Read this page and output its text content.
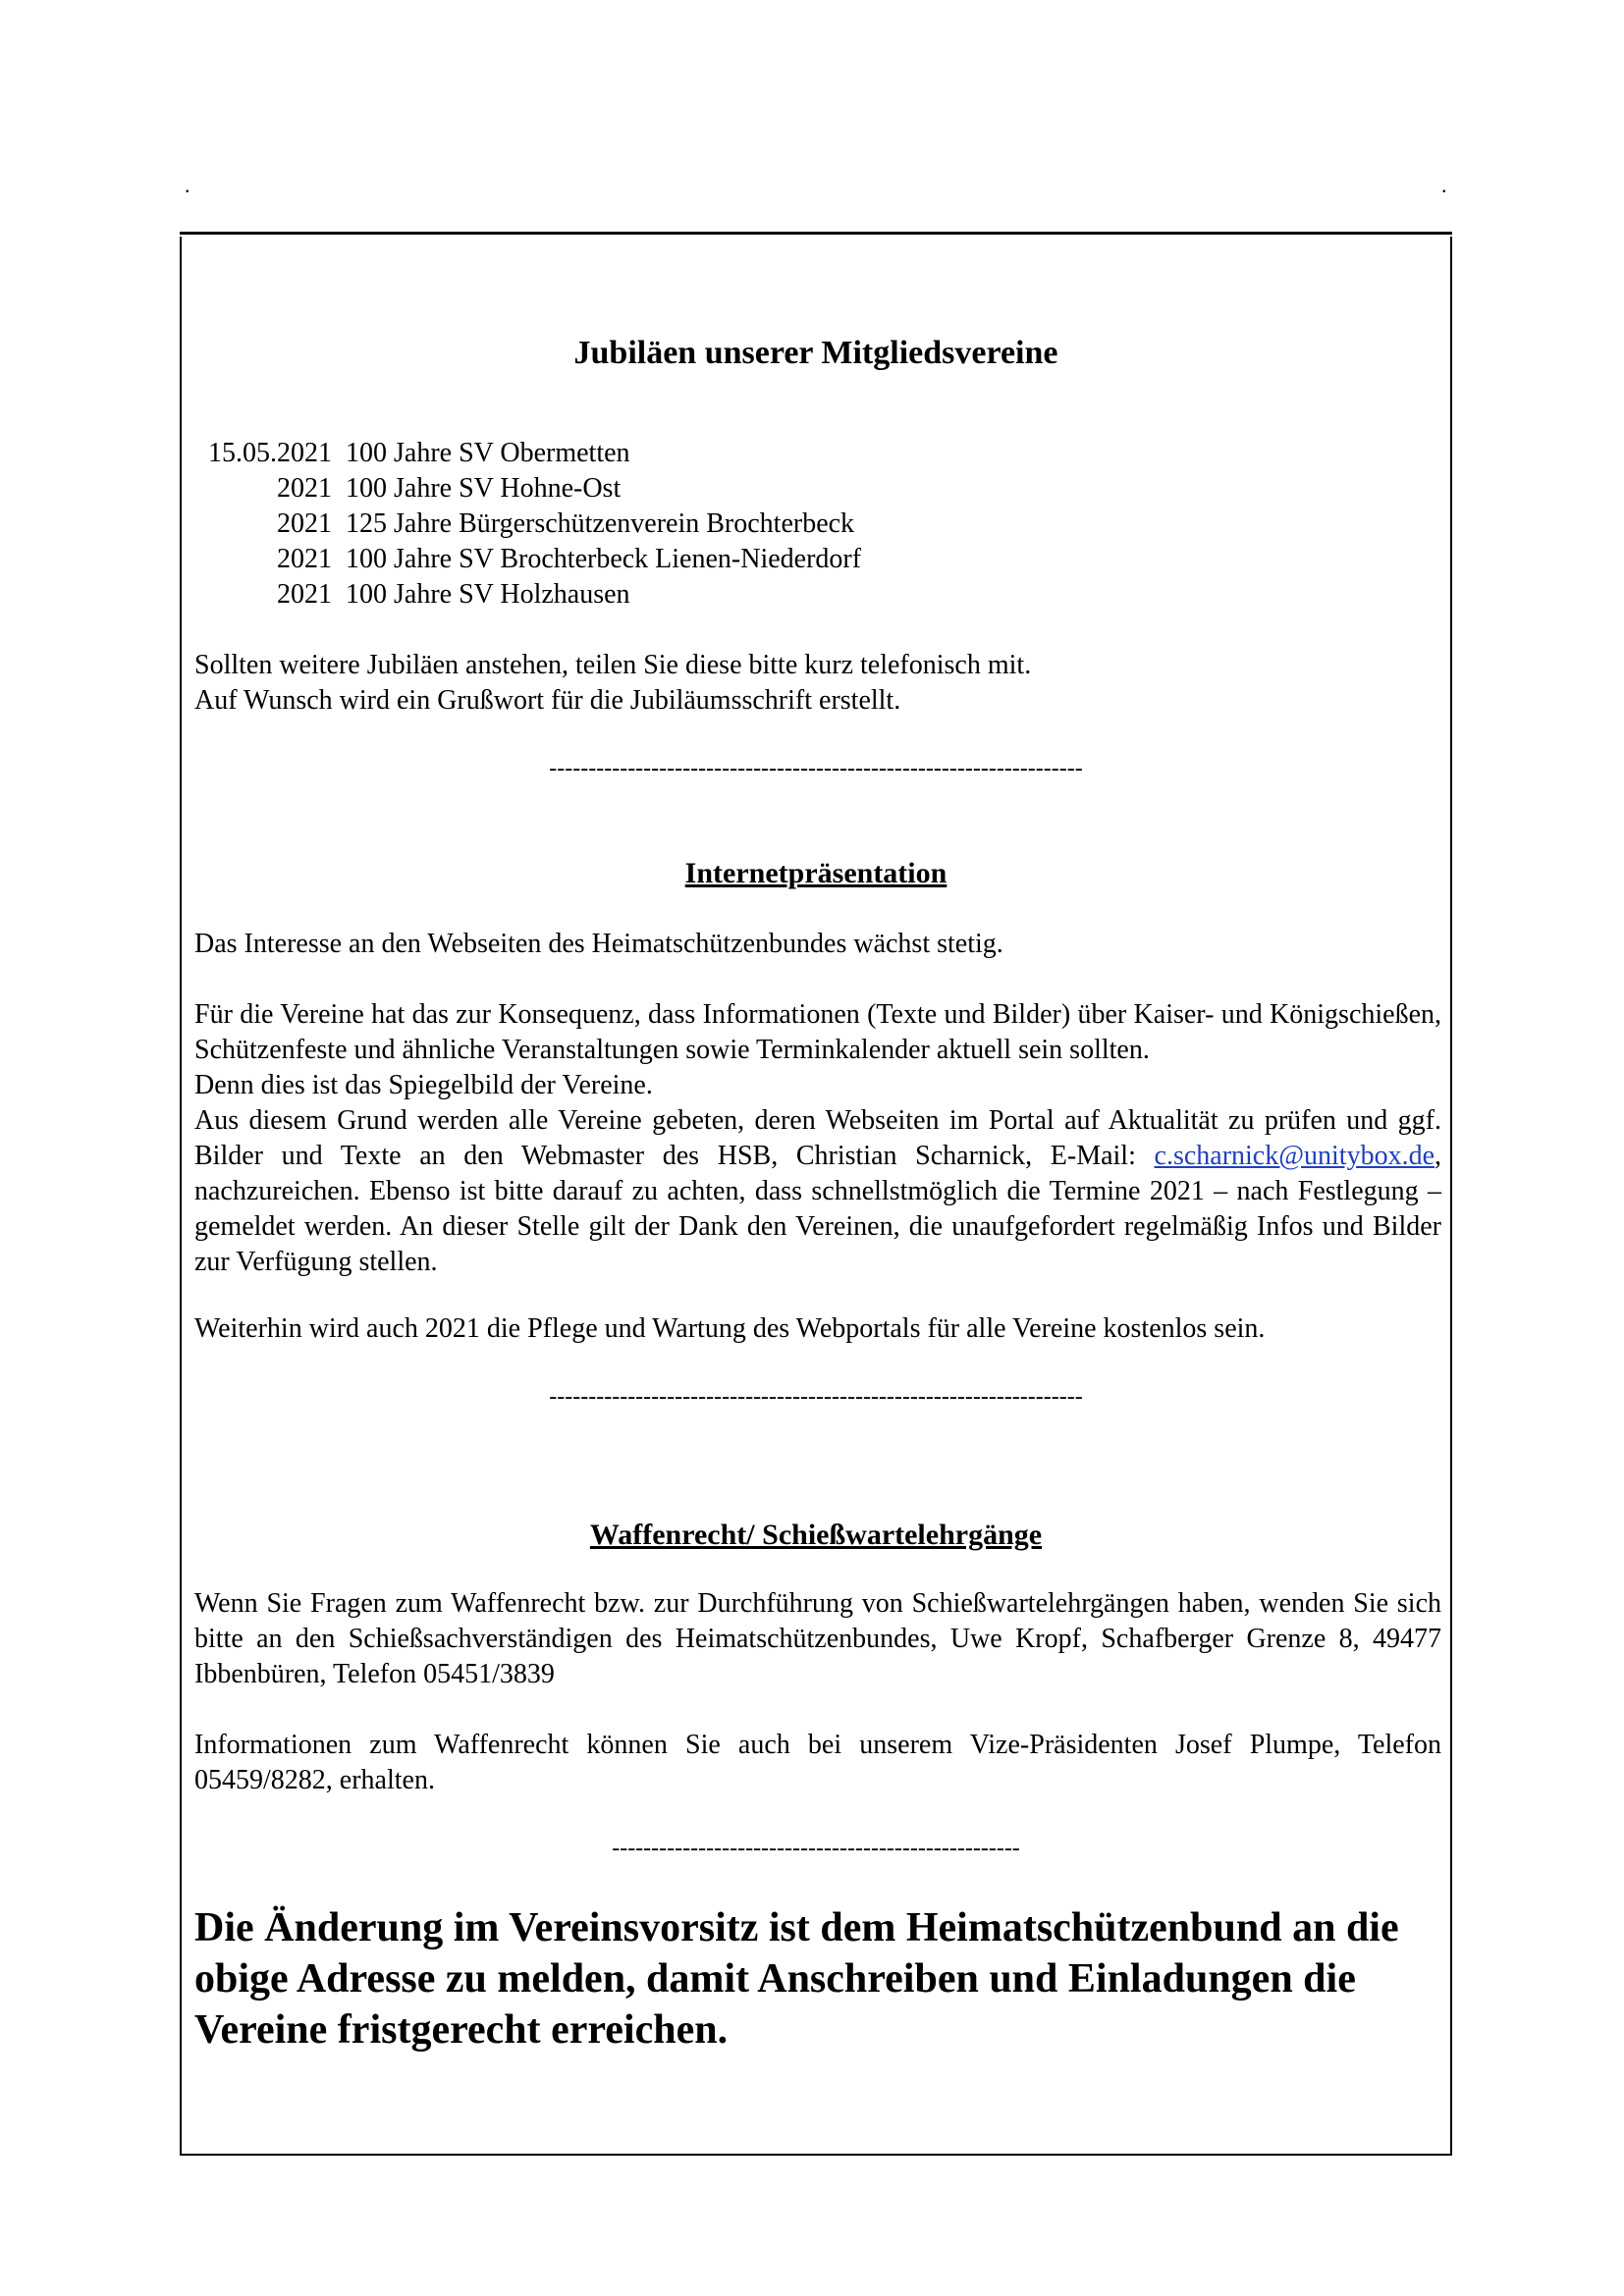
.	.
Jubiläen unserer Mitgliedsvereine
15.05.2021 100 Jahre SV Obermetten
2021 100 Jahre SV Hohne-Ost
2021 125 Jahre Bürgerschützenverein Brochterbeck
2021 100 Jahre SV Brochterbeck Lienen-Niederdorf
2021 100 Jahre SV Holzhausen

Sollten weitere Jubiläen anstehen, teilen Sie diese bitte kurz telefonisch mit.

Auf Wunsch wird ein Grußwort für die Jubiläumsschrift erstellt.

--------------------------------------------------------------------
Internetpräsentation

Das Interesse an den Webseiten des Heimatschützenbundes wächst stetig.

Für die Vereine hat das zur Konsequenz, dass Informationen (Texte und Bilder) über Kaiser- und Königschießen, Schützenfeste und ähnliche Veranstaltungen sowie Terminkalender aktuell sein sollten.

Denn dies ist das Spiegelbild der Vereine.

Aus diesem Grund werden alle Vereine gebeten, deren Webseiten im Portal auf Aktualität zu prüfen und ggf. Bilder und Texte an den Webmaster des HSB, Christian Scharnick, E-Mail: c.scharnick@unitybox.de, nachzureichen. Ebenso ist bitte darauf zu achten, dass schnellstmöglich die Termine 2021 – nach Festlegung – gemeldet werden. An dieser Stelle gilt der Dank den Vereinen, die unaufgefordert regelmäßig Infos und Bilder zur Verfügung stellen.

Weiterhin wird auch 2021 die Pflege und Wartung des Webportals für alle Vereine kostenlos sein.

--------------------------------------------------------------------
Waffenrecht/ Schießwartelehrgänge

Wenn Sie Fragen zum Waffenrecht bzw. zur Durchführung von Schießwartelehrgängen haben, wenden Sie sich bitte an den Schießsachverständigen des Heimatschützenbundes, Uwe Kropf, Schafberger Grenze 8, 49477 Ibbenbüren, Telefon 05451/3839

Informationen zum Waffenrecht können Sie auch bei unserem Vize-Präsidenten Josef Plumpe, Telefon 05459/8282, erhalten.

----------------------------------------------------

Die Änderung im Vereinsvorsitz ist dem Heimatschützenbund an die obige Adresse zu melden, damit Anschreiben und Einladungen die Vereine fristgerecht erreichen.
